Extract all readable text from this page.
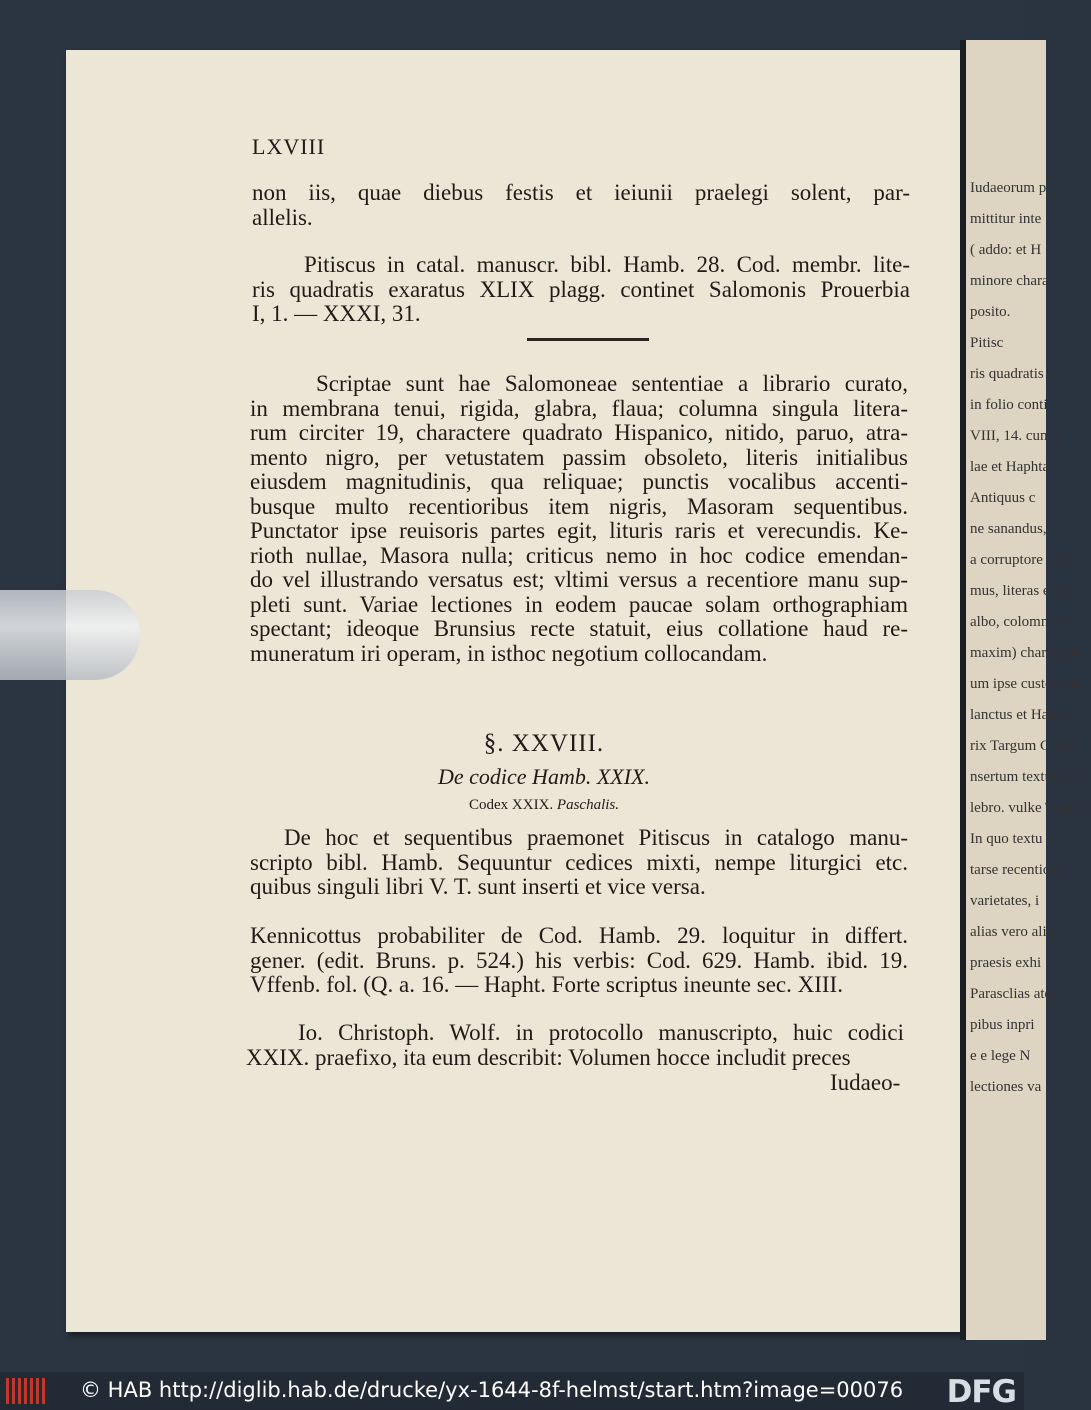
Iudaeorum p
mittitur inte
( addo: et H
minore chara
posito.
Pitisc
ris quadratis
in folio conti
VIII, 14. cum p
lae et Haphta
Antiquus c
ne sanandus, (
a corruptore antic
mus, literas exara
albo, colomnis bin
maxim) charactere
um ipse custodem
lanctus et Hapha
rix Targum Chalda
nsertum textum H
lebro. vulke Targum
In quo textu
tarse recentiore
varietates, i
alias vero aliqu
praesis exhi
Parasclias atqu
pibus inpri
e e lege N
lectiones va
LXVIII
non iis, quae diebus festis et ieiunii praelegi solent, par-
allelis.
Pitiscus in catal. manuscr. bibl. Hamb. 28. Cod. membr. lite-
ris quadratis exaratus XLIX plagg. continet Salomonis Prouerbia
I, 1. — XXXI, 31.
Scriptae sunt hae Salomoneae sententiae a librario curato,
in membrana tenui, rigida, glabra, flaua; columna singula litera-
rum circiter 19, charactere quadrato Hispanico, nitido, paruo, atra-
mento nigro, per vetustatem passim obsoleto, literis initialibus
eiusdem magnitudinis, qua reliquae; punctis vocalibus accenti-
busque multo recentioribus item nigris, Masoram sequentibus.
Punctator ipse reuisoris partes egit, lituris raris et verecundis. Ke-
rioth nullae, Masora nulla; criticus nemo in hoc codice emendan-
do vel illustrando versatus est; vltimi versus a recentiore manu sup-
pleti sunt. Variae lectiones in eodem paucae solam orthographiam
spectant; ideoque Brunsius recte statuit, eius collatione haud re-
muneratum iri operam, in isthoc negotium collocandam.
§. XXVIII.
De codice Hamb. XXIX.
Codex XXIX. Paschalis.
De hoc et sequentibus praemonet Pitiscus in catalogo manu-
scripto bibl. Hamb. Sequuntur cedices mixti, nempe liturgici etc.
quibus singuli libri V. T. sunt inserti et vice versa.
Kennicottus probabiliter de Cod. Hamb. 29. loquitur in differt.
gener. (edit. Bruns. p. 524.) his verbis: Cod. 629. Hamb. ibid. 19.
Vffenb. fol. (Q. a. 16. — Hapht. Forte scriptus ineunte sec. XIII.
Io. Christoph. Wolf. in protocollo manuscripto, huic codici
XXIX. praefixo, ita eum describit: Volumen hocce includit preces
Iudaeo-
© HAB http://diglib.hab.de/drucke/yx-1644-8f-helmst/start.htm?image=00076 DFG
